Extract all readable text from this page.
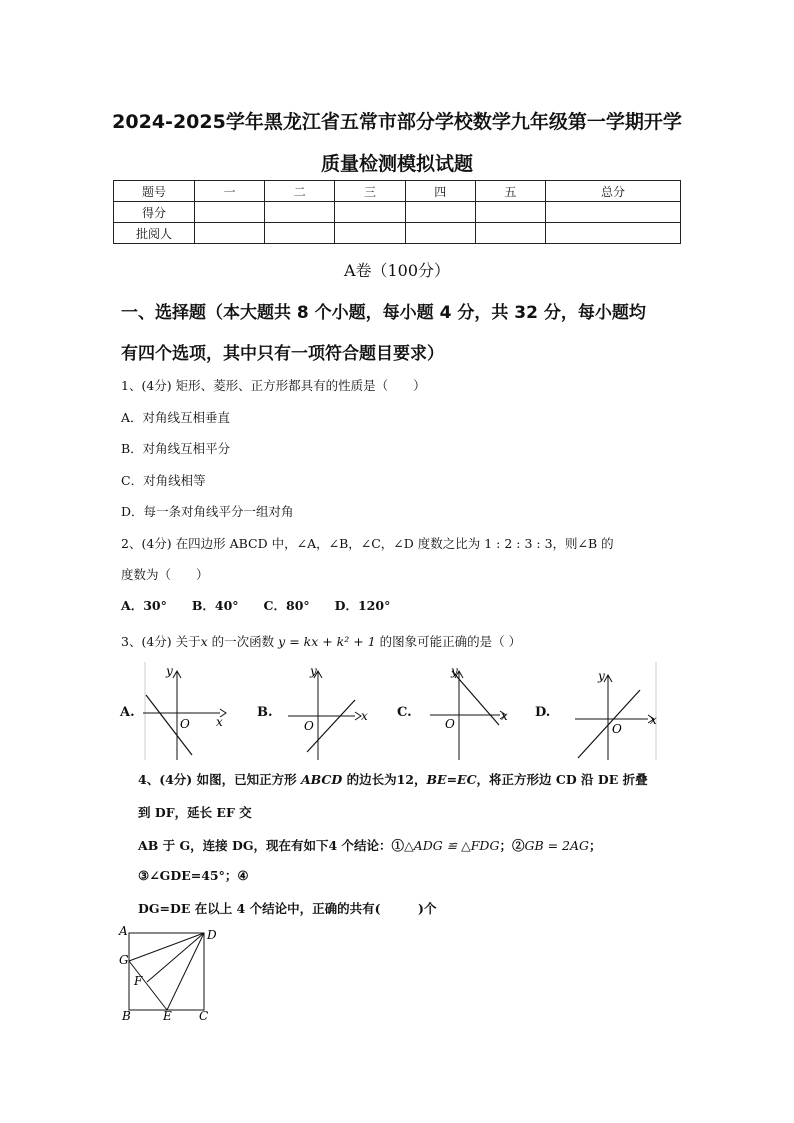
2024-2025学年黑龙江省五常市部分学校数学九年级第一学期开学
质量检测模拟试题
题号	一	二	三	四	五	总分
得分						
批阅人						
A卷（100分）
一、选择题（本大题共 8 个小题，每小题 4 分，共 32 分，每小题均
有四个选项，其中只有一项符合题目要求）
1、(4分) 矩形、菱形、正方形都具有的性质是（　　）
A．对角线互相垂直
B．对角线互相平分
C．对角线相等
D．每一条对角线平分一组对角
2、(4分) 在四边形 ABCD 中，∠A，∠B，∠C，∠D 度数之比为 1 : 2 : 3 : 3，则∠B 的
度数为（　　）
A．30°　　B．40°　　C．80°　　D．120°
3、(4分) 关于x 的一次函数 y = kx + k² + 1 的图象可能正确的是（ ）
A.	B.	C.	D.
x
y
O
x
y
O
x
y
O	x
y
O
4、(4分) 如图，已知正方形 ABCD 的边长为12，BE=EC，将正方形边 CD 沿 DE 折叠
到 DF，延长 EF 交
AB 于 G，连接 DG，现在有如下4 个结论：①△ADG ≌ △FDG；②GB = 2AG；
③∠GDE=45°；④
DG=DE 在以上 4 个结论中，正确的共有(　　　)个
A	D
G
F
B	E C
